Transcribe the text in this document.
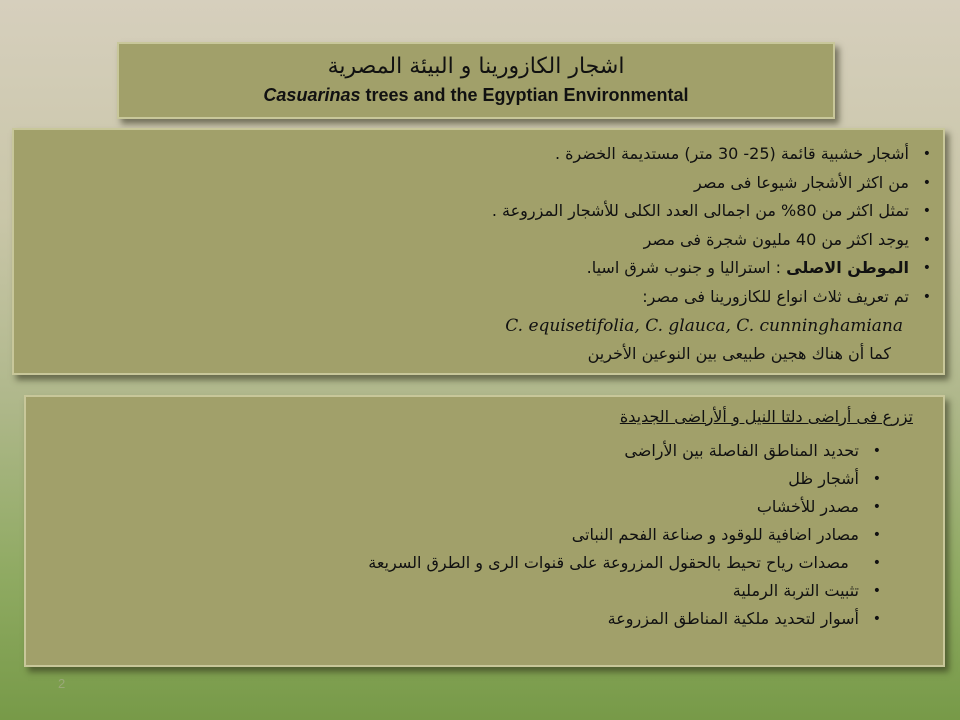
اشجار الكازورينا و البيئة المصرية
Casuarinas trees and the Egyptian Environmental
•
أشجار خشبية قائمة (25- 30 متر) مستديمة الخضرة .
•
من اكثر الأشجار شيوعا فى مصر
•
تمثل اكثر من 80% من اجمالى العدد الكلى للأشجار المزروعة .
•
يوجد اكثر من 40 مليون شجرة فى مصر
•
الموطن الاصلى : استراليا و جنوب شرق اسيا.
•
تم تعريف ثلاث انواع للكازورينا فى مصر:
C. equisetifolia, C. glauca, C. cunninghamiana
كما أن هناك هجين طبيعى بين النوعين الأخرين
تزرع فى أراضى دلتا النيل و ألأراضى الجديدة
•
تحديد المناطق الفاصلة بين الأراضى
•
أشجار ظل
•
مصدر للأخشاب
•
مصادر اضافية للوقود و صناعة الفحم النباتى
•
مصدات رياح تحيط بالحقول المزروعة على قنوات الرى و الطرق السريعة
•
تثبيت التربة الرملية
•
أسوار لتحديد ملكية المناطق المزروعة
2
